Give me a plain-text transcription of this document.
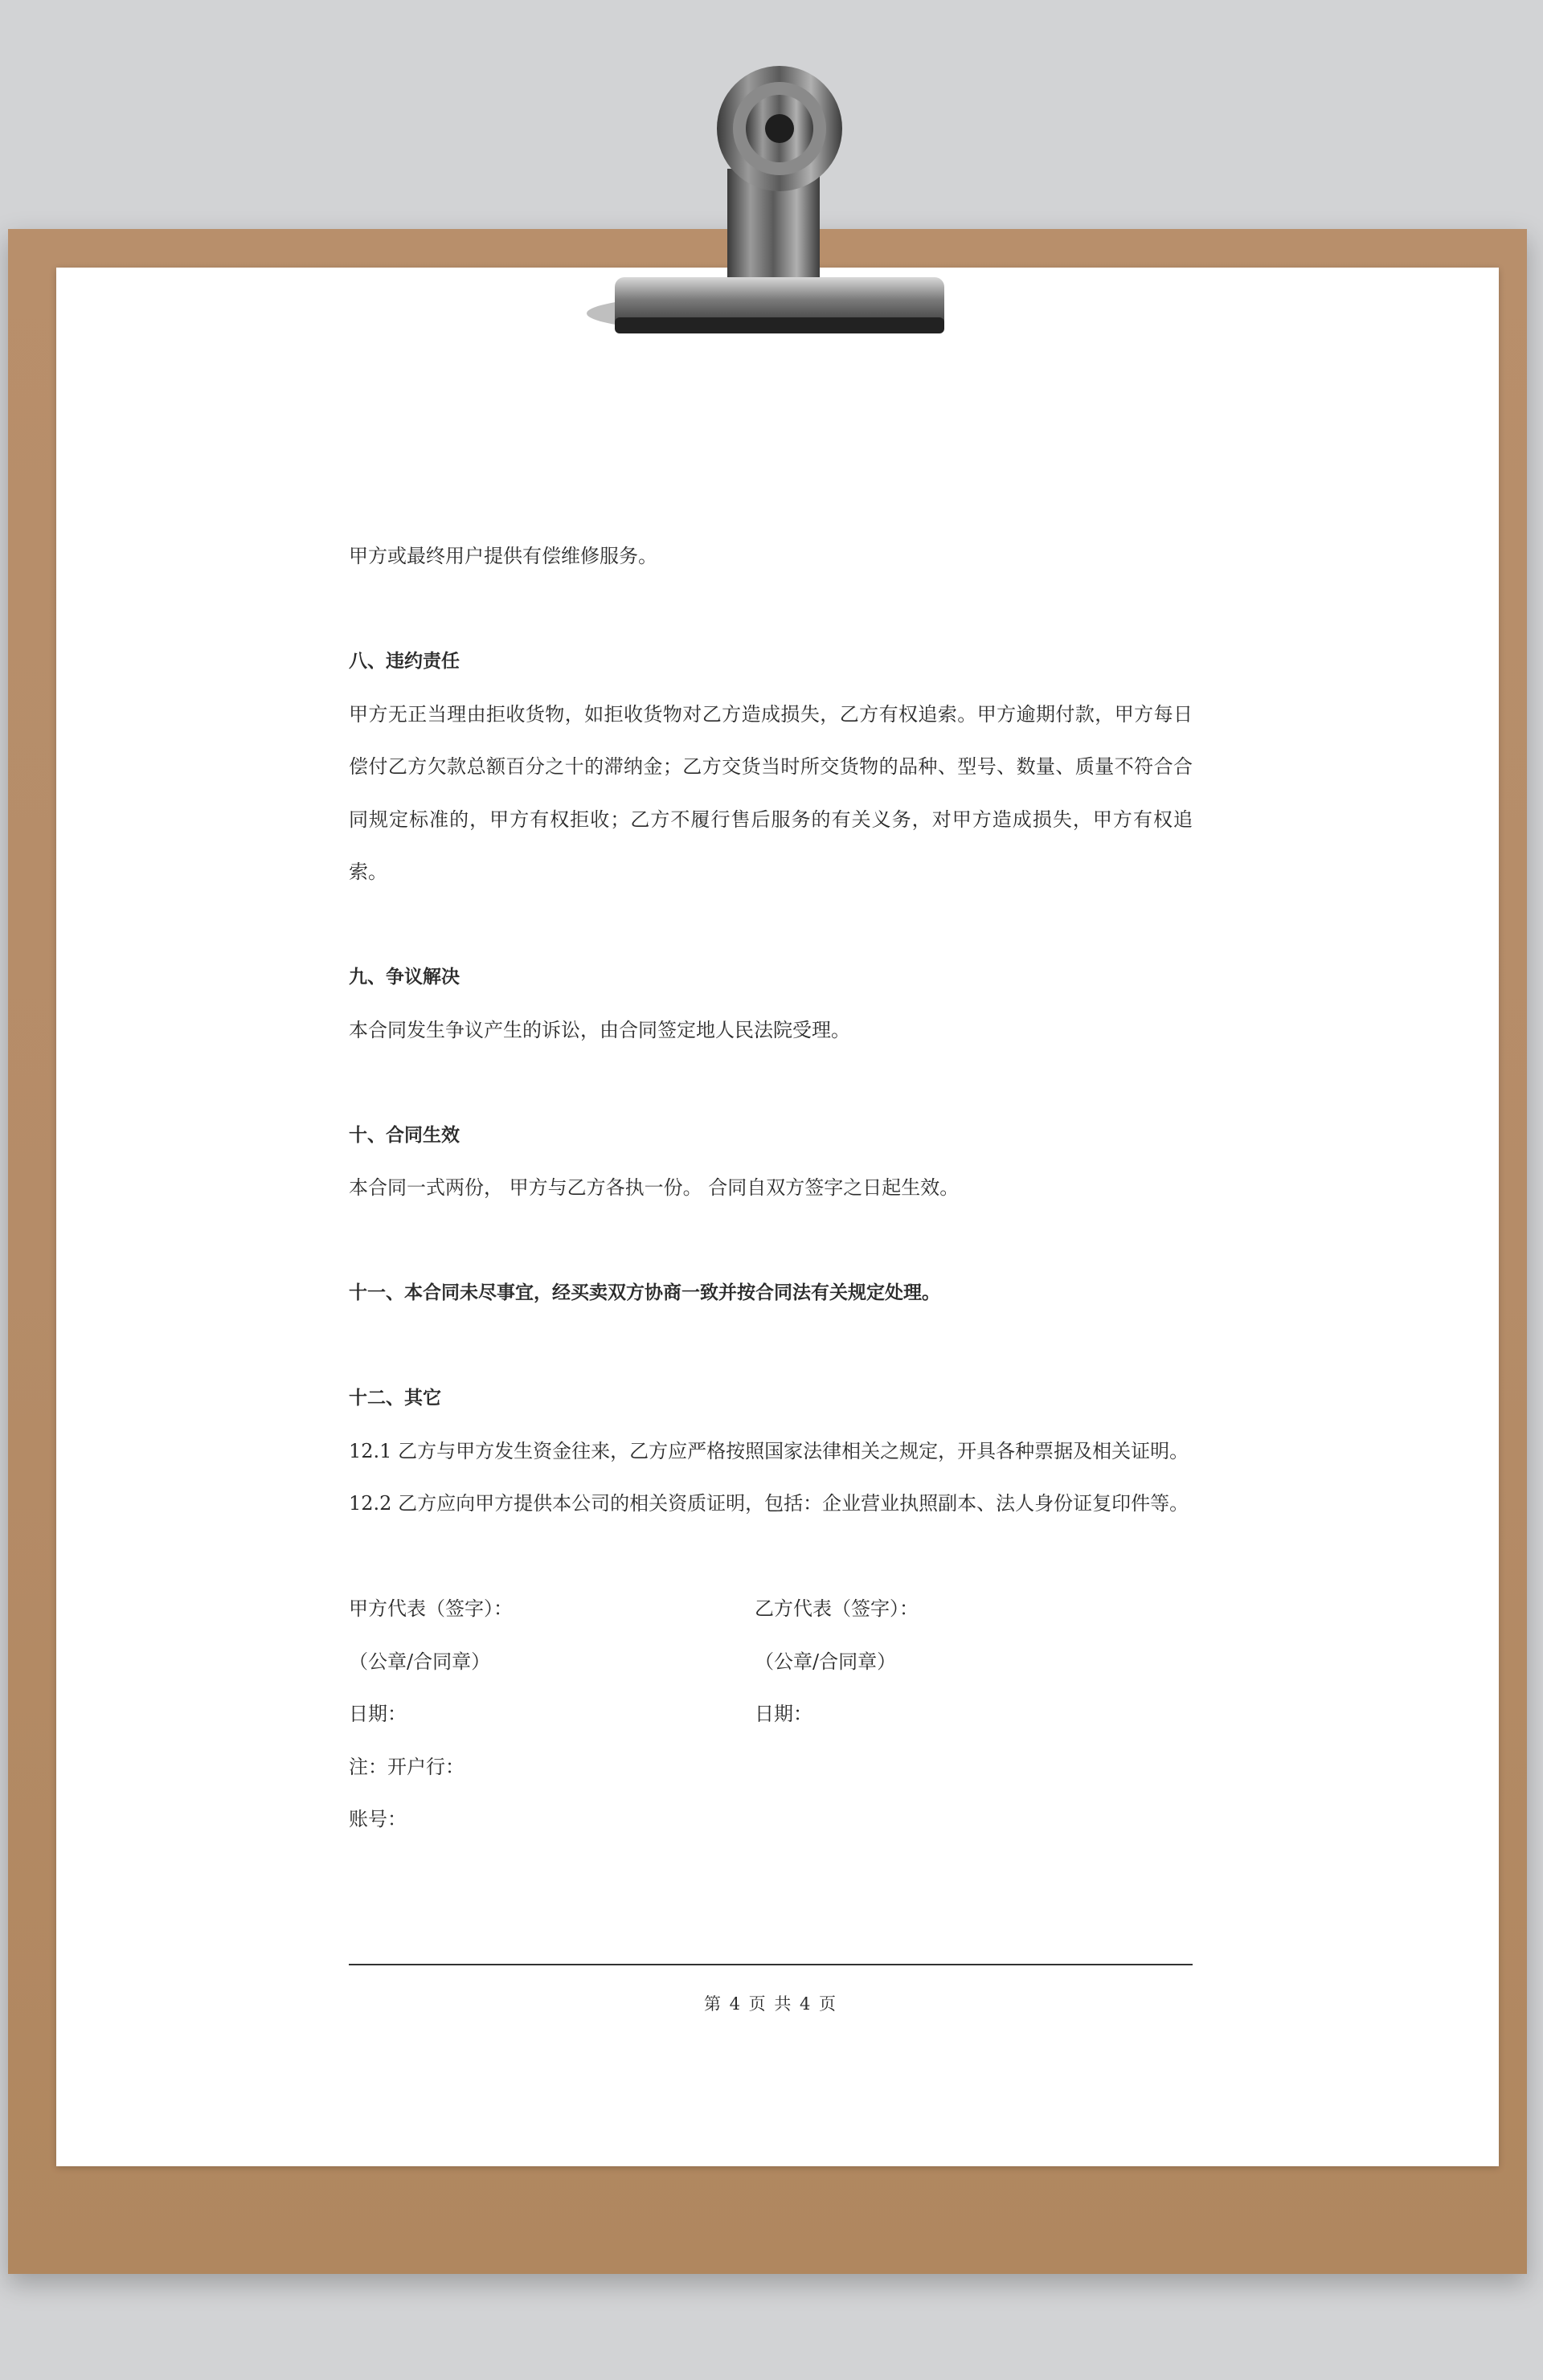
甲方或最终用户提供有偿维修服务。

八、违约责任

甲方无正当理由拒收货物，如拒收货物对乙方造成损失，乙方有权追索。甲方逾期付款，甲方每日偿付乙方欠款总额百分之十的滞纳金；乙方交货当时所交货物的品种、型号、数量、质量不符合合同规定标准的，甲方有权拒收；乙方不履行售后服务的有关义务，对甲方造成损失，甲方有权追索。

九、争议解决

本合同发生争议产生的诉讼，由合同签定地人民法院受理。

十、合同生效

本合同一式两份， 甲方与乙方各执一份。 合同自双方签字之日起生效。

十一、本合同未尽事宜，经买卖双方协商一致并按合同法有关规定处理。

十二、其它

12.1 乙方与甲方发生资金往来，乙方应严格按照国家法律相关之规定，开具各种票据及相关证明。

12.2 乙方应向甲方提供本公司的相关资质证明，包括：企业营业执照副本、法人身份证复印件等。

甲方代表（签字）：	乙方代表（签字）：
（公章/合同章）	（公章/合同章）
日期：	日期：

注：开户行：

账号：

第 4 页 共 4 页
